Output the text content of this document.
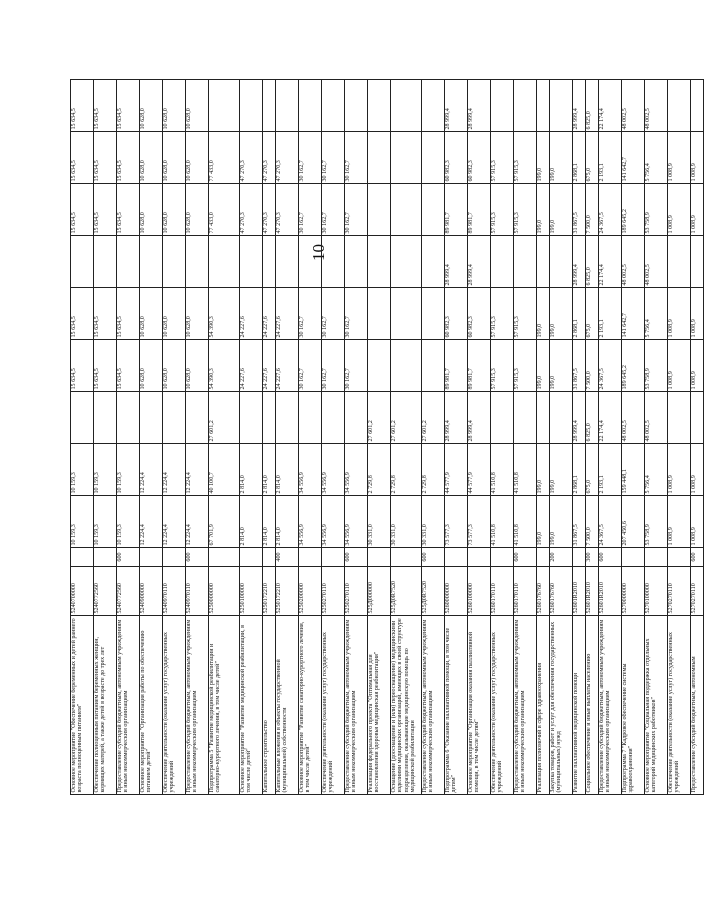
10
Основное мероприятие "Обеспечение беременных и детей раннего возраста полноценным питанием"	5240700000		10 159,3	10 159,3		15 634,5	15 634,5		15 634,5	15 634,5	15 634,5
Обеспечение полноценным питанием беременных женщин, кормящих матерей, а также детей в возрасте до трех лет	5240772560		10 159,3	10 159,3		15 634,5	15 634,5		15 634,5	15 634,5	15 634,5
Предоставление субсидий бюджетным, автономным учреждениям и иным некоммерческим организациям	5240772560	600	10 159,3	10 159,3		15 634,5	15 634,5		15 634,5	15 634,5	15 634,5
Основное мероприятие "Организация работы по обеспечению питанием детей"	5240900000		12 224,4	12 224,4		10 628,0	10 628,0		10 628,0	10 628,0	10 628,0
Обеспечение деятельности (оказание услуг) государственных учреждений	5240970110		12 224,4	12 224,4		10 628,0	10 628,0		10 628,0	10 628,0	10 628,0
Предоставление субсидий бюджетным, автономным учреждениям и иным некоммерческим организациям	5240970110	600	12 224,4	12 224,4		10 628,0	10 628,0		10 628,0	10 628,0	10 628,0
Подпрограмма 5 "Развитие медицинской реабилитации и санаторно-курортного лечения, в том числе детей"	5250000000		67 701,9	40 100,7	27 601,2	54 390,3	54 390,3		77 433,0	77 433,0	
Основное мероприятие "Развитие медицинской реабилитации, в том числе детей"	5250100000		2 814,0	2 814,0		24 227,6	24 227,6		47 270,3	47 270,3	
Капитальное строительство	5250172210		2 814,0	2 814,0		24 227,6	24 227,6		47 270,3	47 270,3	
Капитальные вложения в объекты государственной (муниципальной) собственности	5250172210	400	2 814,0	2 814,0		24 227,6	24 227,6		47 270,3	47 270,3	
Основное мероприятие "Развитие санаторно-курортного лечения, в том числе детей"	5250200000		34 556,9	34 556,9		30 162,7	30 162,7		30 162,7	30 162,7	
Обеспечение деятельности (оказание услуг) государственных учреждений	5250270110		34 556,9	34 556,9		30 162,7	30 162,7		30 162,7	30 162,7	
Предоставление субсидий бюджетным, автономным учреждениям и иным некоммерческим организациям	5250270110	600	34 556,9	34 556,9		30 162,7	30 162,7		30 162,7	30 162,7	
Реализация федерального проекта "Оптимальная для восстановления здоровья медицинская реабилитация"	525Д000000		30 331,0	2 729,8	27 601,2						
Оснащение (дооснащение и (или) переоснащение) медицинскими изделиями медицинских организаций, имеющих в своей структуре подразделения, оказывающие медицинскую помощь по медицинской реабилитации	525Д0R7520		30 331,0	2 729,8	27 601,2						
Предоставление субсидий бюджетным, автономным учреждениям и иным некоммерческим организациям	525Д0R7520	600	30 331,0	2 729,8	27 601,2						
Подпрограмма 6 "Оказание паллиативной помощи, в том числе детям"	5260000000		73 577,3	44 577,9	28 999,4	89 981,7	60 982,3	28 999,4	89 981,7	60 982,3	28 999,4
Основное мероприятие "Организация оказания паллиативной помощи, в том числе детям"	5260100000		73 577,3	44 577,9	28 999,4	89 981,7	60 982,3	28 999,4	89 981,7	60 982,3	28 999,4
Обеспечение деятельности (оказание услуг) государственных учреждений	5260170110		41 510,8	41 510,8		57 915,3	57 915,3		57 915,3	57 915,3	
Предоставление субсидий бюджетным, автономным учреждениям и иным некоммерческим организациям	5260170110	600	41 510,8	41 510,8		57 915,3	57 915,3		57 915,3	57 915,3	
Реализация полномочий в сфере здравоохранения	5260176760		199,0	199,0		199,0	199,0		199,0	199,0	
Закупка товаров, работ и услуг для обеспечения государственных (муниципальных) нужд	5260176760	200	199,0	199,0		199,0	199,0		199,0	199,0	
Развитие паллиативной медицинской помощи	52601R2010		31 867,5	2 868,1	28 999,4	31 867,5	2 868,1	28 999,4	31 867,5	2 868,1	28 999,4
Социальное обеспечение и иные выплаты населению	52601R2010	300	7 500,0	675,0	6 825,0	7 500,0	675,0	6 825,0	7 500,0	675,0	6 825,0
Предоставление субсидий бюджетным, автономным учреждениям и иным некоммерческим организациям	52601R2010	600	24 367,5	2 193,1	22 174,4	24 367,5	2 193,1	22 174,4	24 367,5	2 193,1	22 174,4
Подпрограмма 7 "Кадровое обеспечение системы здравоохранения"	5270000000		207 450,6	159 448,1	48 002,5	189 645,2	141 642,7	48 002,5	189 645,2	141 642,7	48 002,5
Основное мероприятие "Социальная поддержка отдельных категорий медицинских работников"	5270100000		53 758,9	5 756,4	48 002,5	53 758,9	5 756,4	48 002,5	53 758,9	5 756,4	48 002,5
Обеспечение деятельности (оказание услуг) государственных учреждений	5270270110		1 008,9	1 008,9		1 008,9	1 008,9		1 008,9	1 008,9	
Предоставление субсидий бюджетным, автономным	5270270110	600	1 008,9	1 008,9		1 008,9	1 008,9		1 008,9	1 008,9	
